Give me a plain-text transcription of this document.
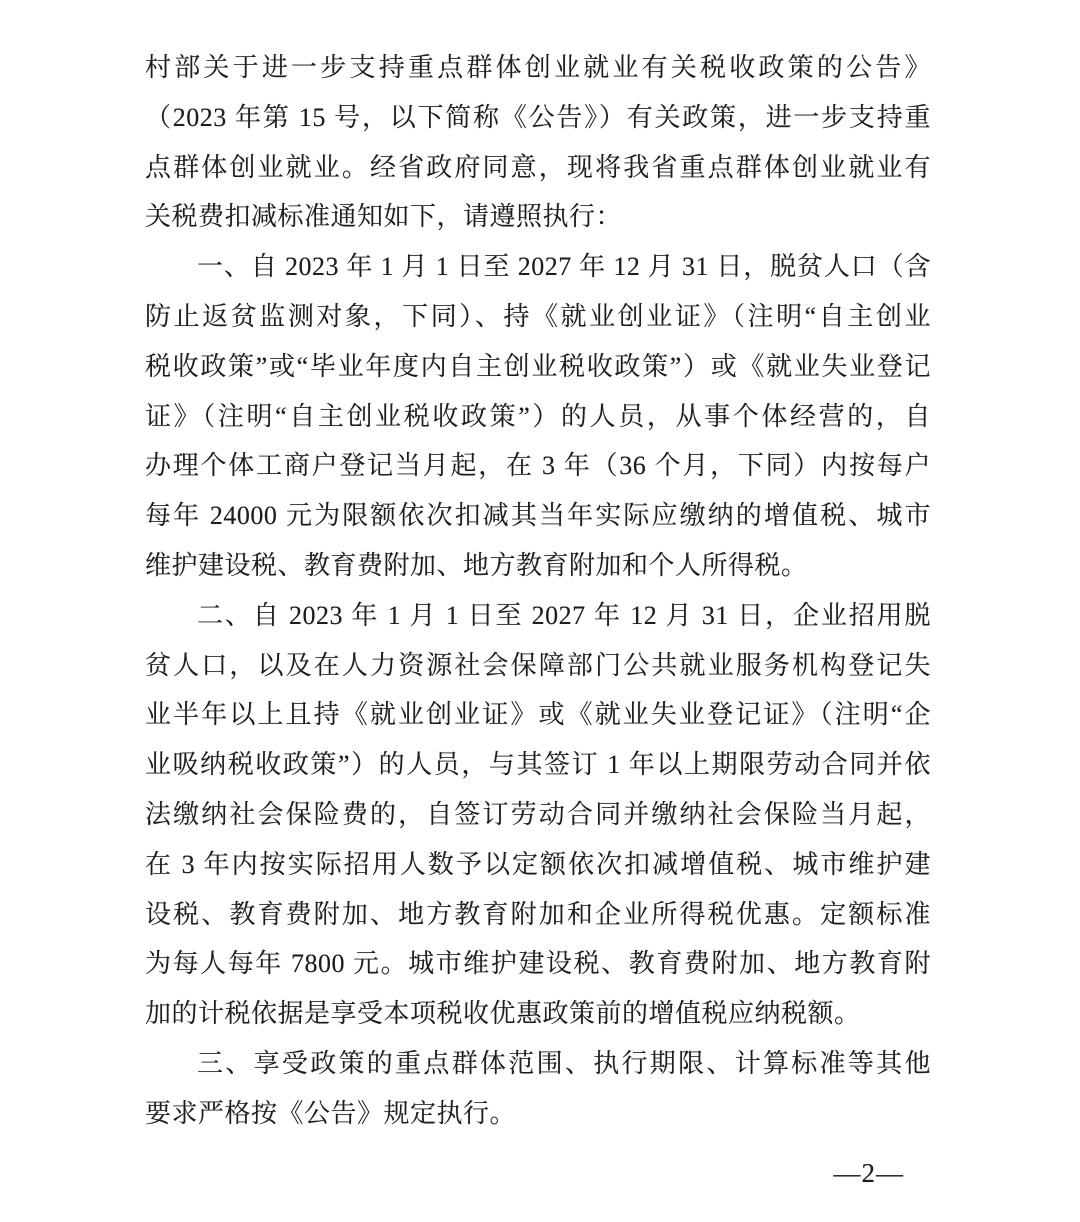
村部关于进一步支持重点群体创业就业有关税收政策的公告》
（2023 年第 15 号，以下简称《公告》）有关政策，进一步支持重
点群体创业就业。经省政府同意，现将我省重点群体创业就业有
关税费扣减标准通知如下，请遵照执行：
一、自 2023 年 1 月 1 日至 2027 年 12 月 31 日，脱贫人口（含
防止返贫监测对象，下同）、持《就业创业证》（注明“自主创业
税收政策”或“毕业年度内自主创业税收政策”）或《就业失业登记
证》（注明“自主创业税收政策”）的人员，从事个体经营的，自
办理个体工商户登记当月起，在 3 年（36 个月，下同）内按每户
每年 24000 元为限额依次扣减其当年实际应缴纳的增值税、城市
维护建设税、教育费附加、地方教育附加和个人所得税。
二、自 2023 年 1 月 1 日至 2027 年 12 月 31 日，企业招用脱
贫人口，以及在人力资源社会保障部门公共就业服务机构登记失
业半年以上且持《就业创业证》或《就业失业登记证》（注明“企
业吸纳税收政策”）的人员，与其签订 1 年以上期限劳动合同并依
法缴纳社会保险费的，自签订劳动合同并缴纳社会保险当月起，
在 3 年内按实际招用人数予以定额依次扣减增值税、城市维护建
设税、教育费附加、地方教育附加和企业所得税优惠。定额标准
为每人每年 7800 元。城市维护建设税、教育费附加、地方教育附
加的计税依据是享受本项税收优惠政策前的增值税应纳税额。
三、享受政策的重点群体范围、执行期限、计算标准等其他
要求严格按《公告》规定执行。
—2—
